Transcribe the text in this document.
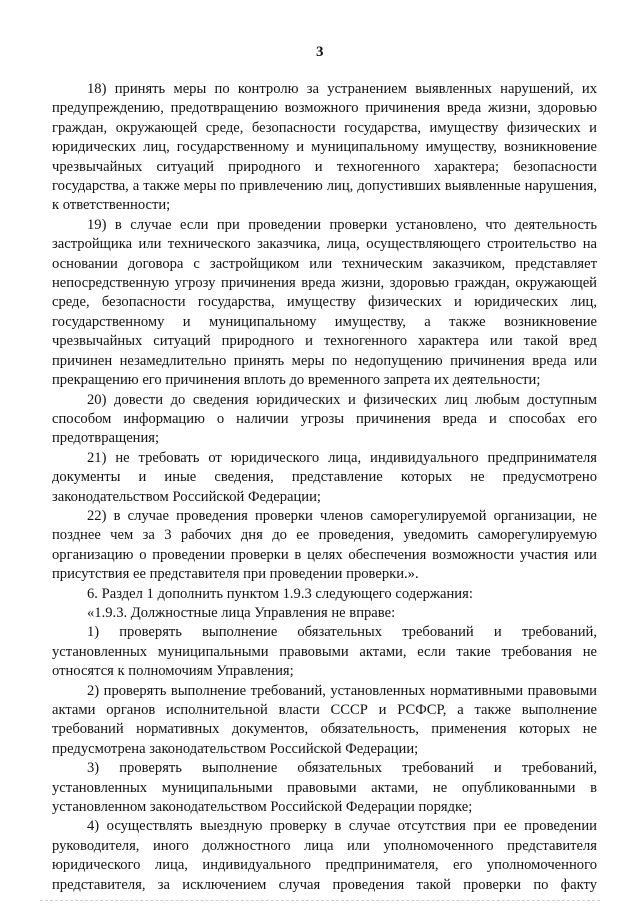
3

18) принять меры по контролю за устранением выявленных нарушений, их предупреждению, предотвращению возможного причинения вреда жизни, здоровью граждан, окружающей среде, безопасности государства, имуществу физических и юридических лиц, государственному и муниципальному имуществу, возникновение чрезвычайных ситуаций природного и техногенного характера; безопасности государства, а также меры по привлечению лиц, допустивших выявленные нарушения, к ответственности;

19) в случае если при проведении проверки установлено, что деятельность застройщика или технического заказчика, лица, осуществляющего строительство на основании договора с застройщиком или техническим заказчиком, представляет непосредственную угрозу причинения вреда жизни, здоровью граждан, окружающей среде, безопасности государства, имуществу физических и юридических лиц, государственному и муниципальному имуществу, а также возникновение чрезвычайных ситуаций природного и техногенного характера или такой вред причинен незамедлительно принять меры по недопущению причинения вреда или прекращению его причинения вплоть до временного запрета их деятельности;

20) довести до сведения юридических и физических лиц любым доступным способом информацию о наличии угрозы причинения вреда и способах его предотвращения;

21) не требовать от юридического лица, индивидуального предпринимателя документы и иные сведения, представление которых не предусмотрено законодательством Российской Федерации;

22) в случае проведения проверки членов саморегулируемой организации, не позднее чем за 3 рабочих дня до ее проведения, уведомить саморегулируемую организацию о проведении проверки в целях обеспечения возможности участия или присутствия ее представителя при проведении проверки.».

6. Раздел 1 дополнить пунктом 1.9.3 следующего содержания:

«1.9.3. Должностные лица Управления не вправе:

1) проверять выполнение обязательных требований и требований, установленных муниципальными правовыми актами, если такие требования не относятся к полномочиям Управления;

2) проверять выполнение требований, установленных нормативными правовыми актами органов исполнительной власти СССР и РСФСР, а также выполнение требований нормативных документов, обязательность, применения которых не предусмотрена законодательством Российской Федерации;

3) проверять выполнение обязательных требований и требований, установленных муниципальными правовыми актами, не опубликованными в установленном законодательством Российской Федерации порядке;

4) осуществлять выездную проверку в случае отсутствия при ее проведении руководителя, иного должностного лица или уполномоченного представителя юридического лица, индивидуального предпринимателя, его уполномоченного представителя, за исключением случая проведения такой проверки по факту
